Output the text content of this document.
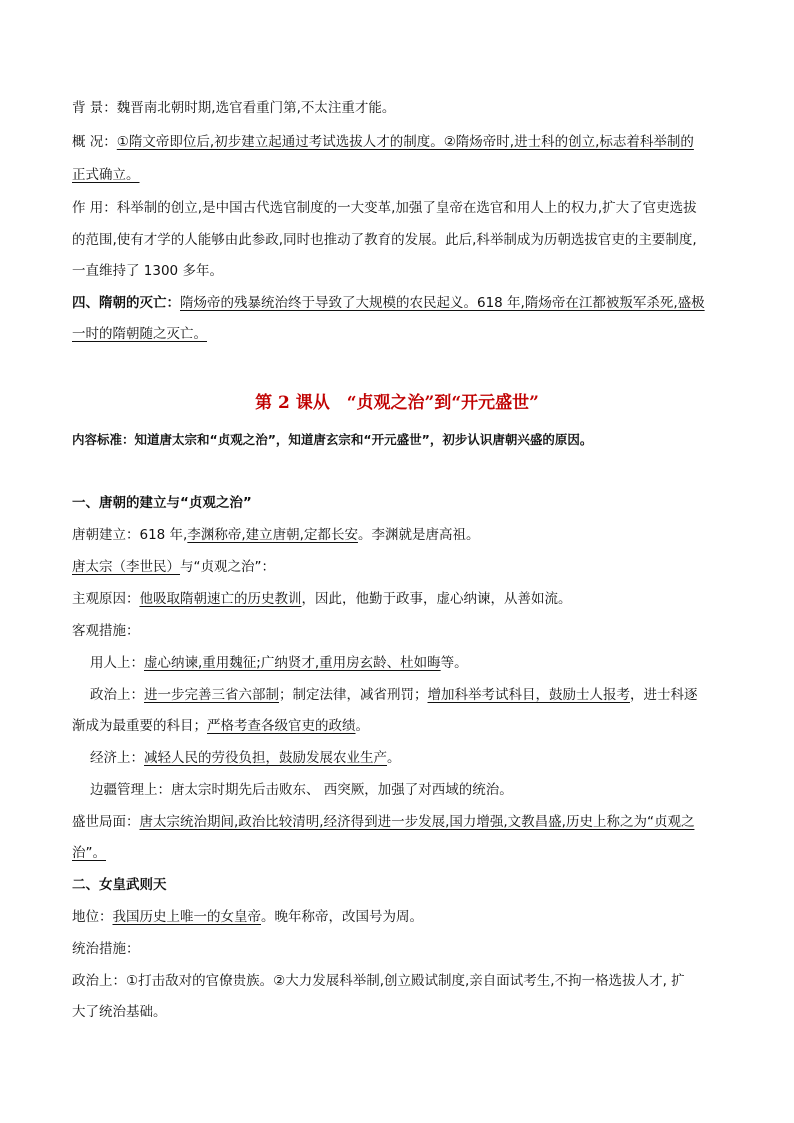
背 景：魏晋南北朝时期,选官看重门第,不太注重才能。
概 况：①隋文帝即位后,初步建立起通过考试选拔人才的制度。②隋炀帝时,进士科的创立,标志着科举制的
正式确立。
作 用：科举制的创立,是中国古代选官制度的一大变革,加强了皇帝在选官和用人上的权力,扩大了官吏选拔
的范围,使有才学的人能够由此参政,同时也推动了教育的发展。此后,科举制成为历朝选拔官吏的主要制度,
一直维持了 1300 多年。
四、隋朝的灭亡：隋炀帝的残暴统治终于导致了大规模的农民起义。618 年,隋炀帝在江都被叛军杀死,盛极
一时的隋朝随之灭亡。
第 2 课从　“贞观之治”到“开元盛世”
内容标准：知道唐太宗和“贞观之治”，知道唐玄宗和“开元盛世”，初步认识唐朝兴盛的原因。
一、唐朝的建立与“贞观之治”
唐朝建立：618 年,李渊称帝,建立唐朝,定都长安。李渊就是唐高祖。
唐太宗（李世民）与“贞观之治”：
主观原因：他吸取隋朝速亡的历史教训，因此，他勤于政事，虚心纳谏，从善如流。
客观措施：
用人上：虚心纳谏,重用魏征;广纳贤才,重用房玄龄、杜如晦等。
政治上：进一步完善三省六部制；制定法律，减省刑罚；增加科举考试科目，鼓励士人报考，进士科逐
渐成为最重要的科目；严格考查各级官吏的政绩。
经济上：减轻人民的劳役负担，鼓励发展农业生产。
边疆管理上：唐太宗时期先后击败东、 西突厥，加强了对西域的统治。
盛世局面：唐太宗统治期间,政治比较清明,经济得到进一步发展,国力增强,文教昌盛,历史上称之为“贞观之
治”。
二、女皇武则天
地位：我国历史上唯一的女皇帝。晚年称帝，改国号为周。
统治措施：
政治上：①打击敌对的官僚贵族。②大力发展科举制,创立殿试制度,亲自面试考生,不拘一格选拔人才, 扩
大了统治基础。
